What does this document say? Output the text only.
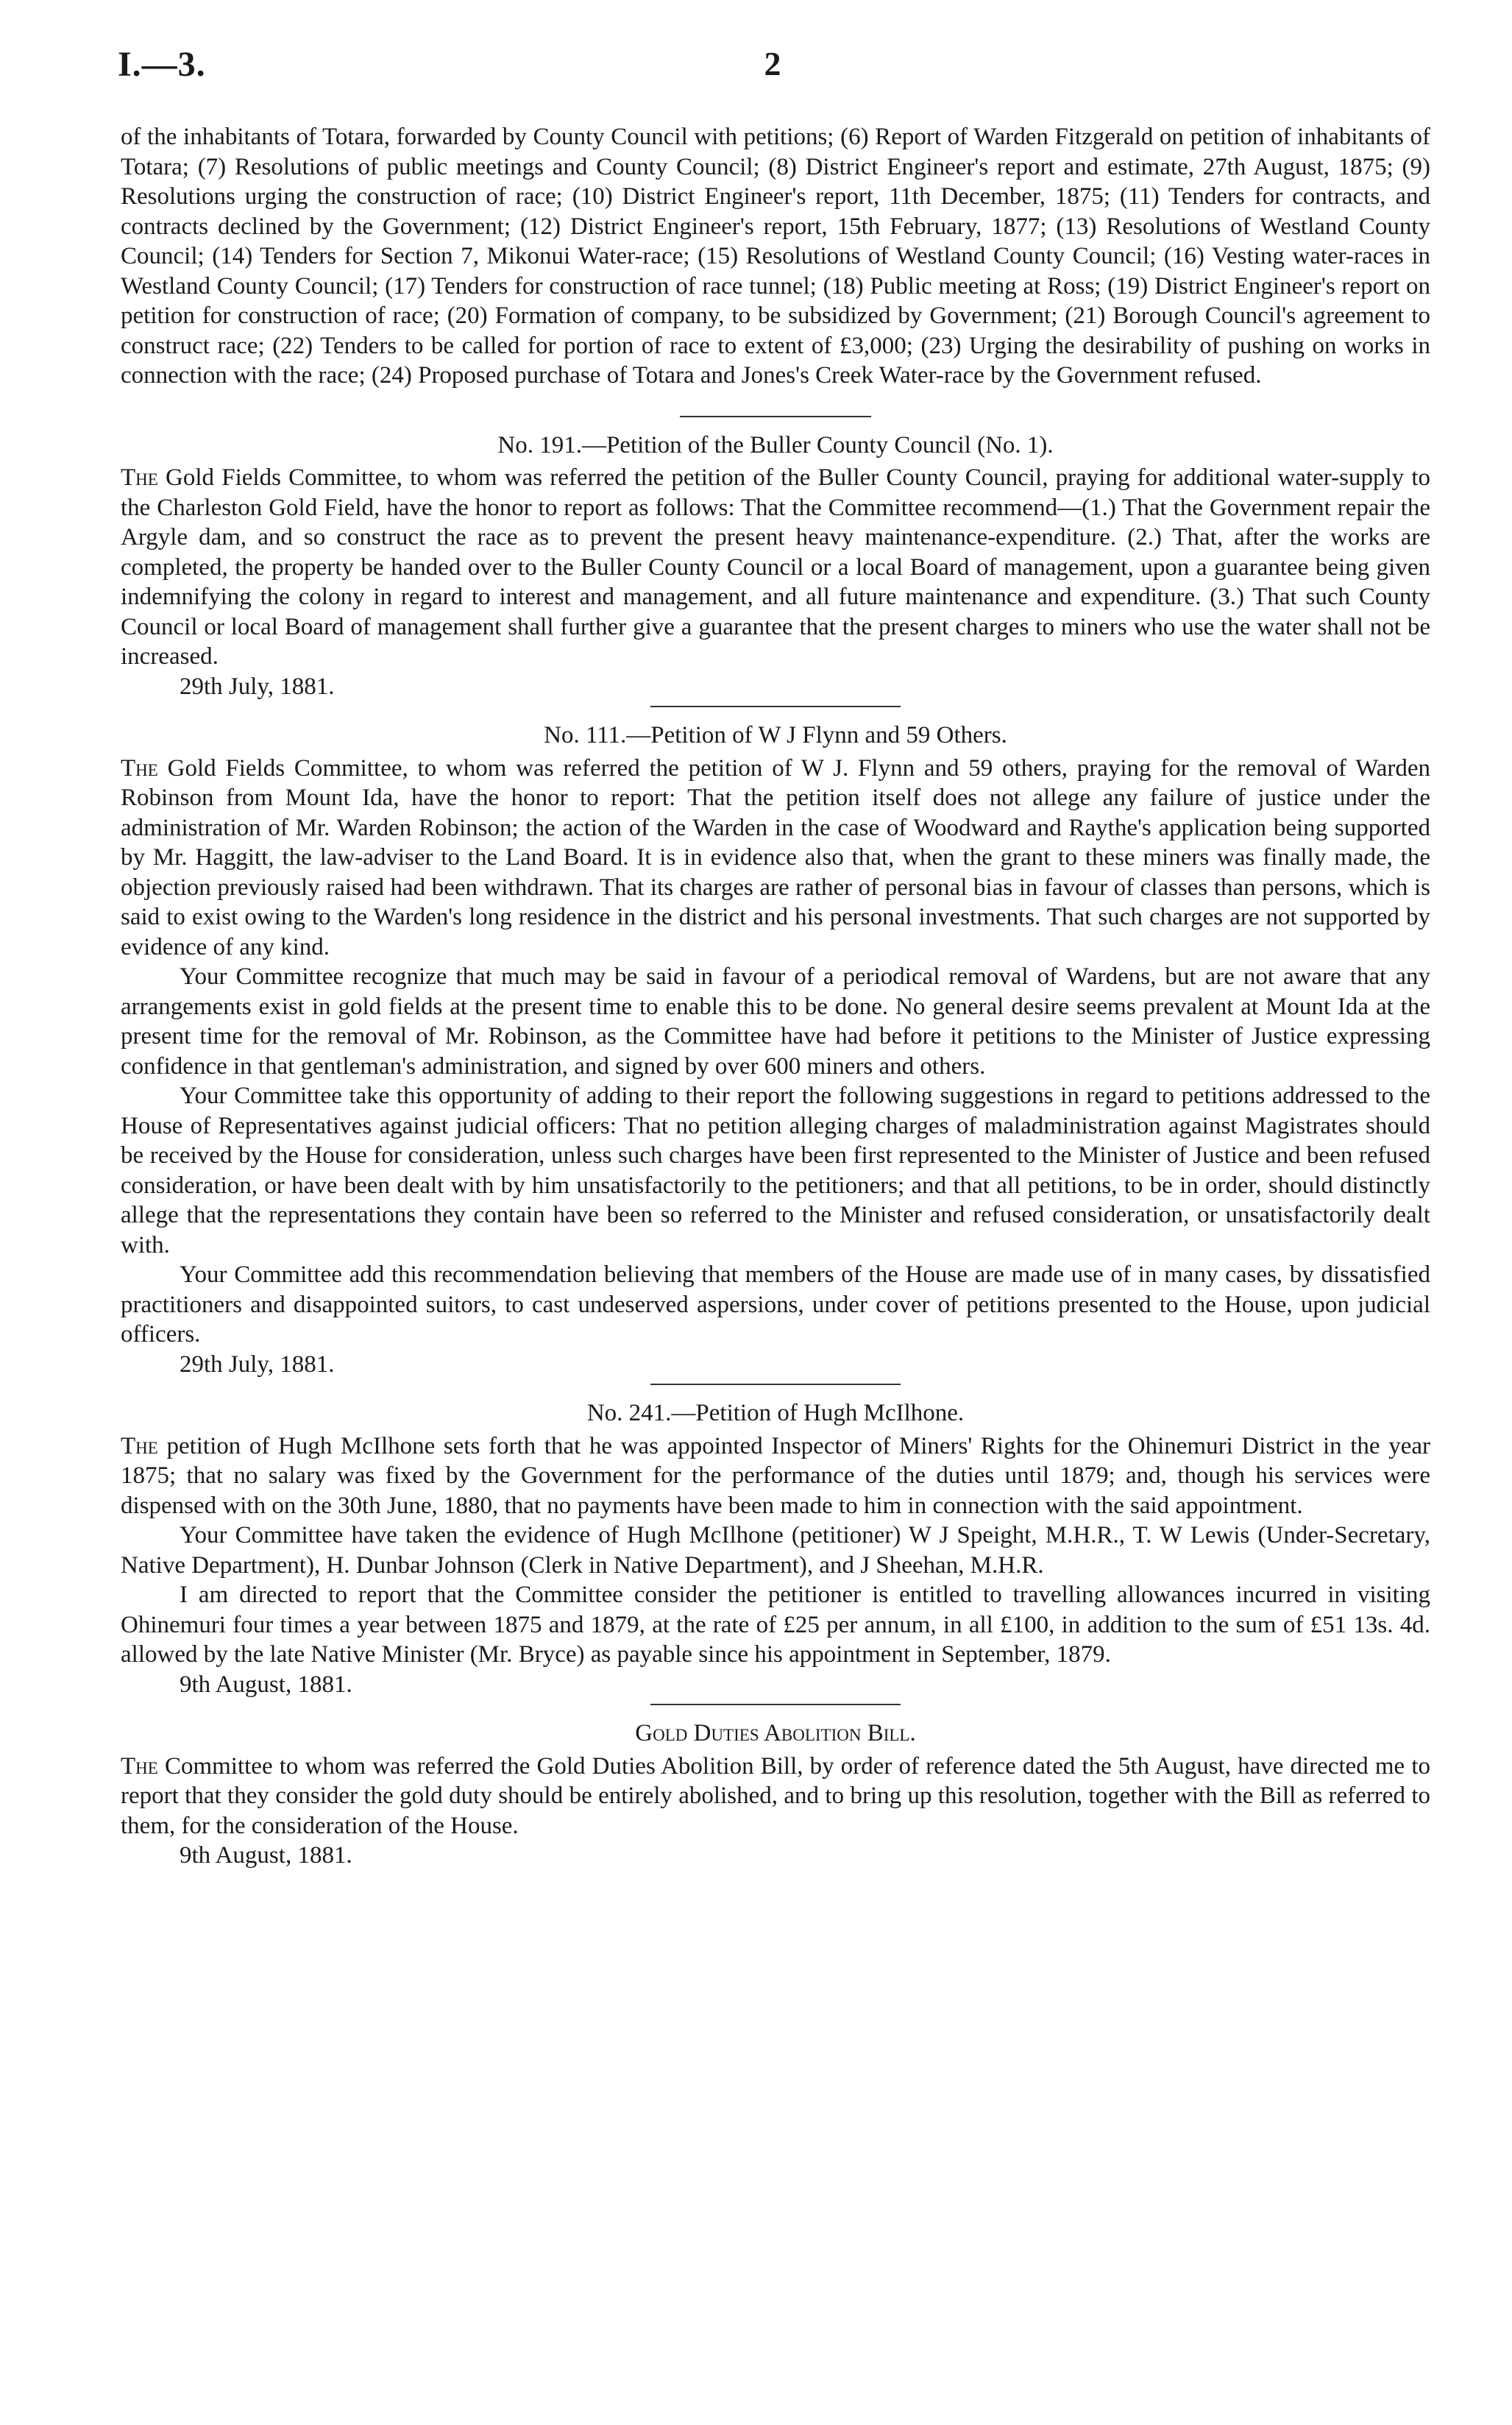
I.—3.	2

of the inhabitants of Totara, forwarded by County Council with petitions; (6) Report of Warden Fitzgerald on petition of inhabitants of Totara; (7) Resolutions of public meetings and County Council; (8) District Engineer's report and estimate, 27th August, 1875; (9) Resolutions urging the construction of race; (10) District Engineer's report, 11th December, 1875; (11) Tenders for contracts, and contracts declined by the Government; (12) District Engineer's report, 15th February, 1877; (13) Resolutions of Westland County Council; (14) Tenders for Section 7, Mikonui Water-race; (15) Resolutions of Westland County Council; (16) Vesting water-races in Westland County Council; (17) Tenders for construction of race tunnel; (18) Public meeting at Ross; (19) District Engineer's report on petition for construction of race; (20) Formation of company, to be subsidized by Government; (21) Borough Council's agreement to construct race; (22) Tenders to be called for portion of race to extent of £3,000; (23) Urging the desirability of pushing on works in connection with the race; (24) Proposed purchase of Totara and Jones's Creek Water-race by the Government refused.

No. 191.—Petition of the Buller County Council (No. 1).

The Gold Fields Committee, to whom was referred the petition of the Buller County Council, praying for additional water-supply to the Charleston Gold Field, have the honor to report as follows: That the Committee recommend—(1.) That the Government repair the Argyle dam, and so construct the race as to prevent the present heavy maintenance-expenditure. (2.) That, after the works are completed, the property be handed over to the Buller County Council or a local Board of management, upon a guarantee being given indemnifying the colony in regard to interest and management, and all future maintenance and expenditure. (3.) That such County Council or local Board of management shall further give a guarantee that the present charges to miners who use the water shall not be increased.

29th July, 1881.

No. 111.—Petition of W J Flynn and 59 Others.

The Gold Fields Committee, to whom was referred the petition of W J. Flynn and 59 others, praying for the removal of Warden Robinson from Mount Ida, have the honor to report: That the petition itself does not allege any failure of justice under the administration of Mr. Warden Robinson; the action of the Warden in the case of Woodward and Raythe's application being supported by Mr. Haggitt, the law-adviser to the Land Board. It is in evidence also that, when the grant to these miners was finally made, the objection previously raised had been withdrawn. That its charges are rather of personal bias in favour of classes than persons, which is said to exist owing to the Warden's long residence in the district and his personal investments. That such charges are not supported by evidence of any kind.

Your Committee recognize that much may be said in favour of a periodical removal of Wardens, but are not aware that any arrangements exist in gold fields at the present time to enable this to be done. No general desire seems prevalent at Mount Ida at the present time for the removal of Mr. Robinson, as the Committee have had before it petitions to the Minister of Justice expressing confidence in that gentleman's administration, and signed by over 600 miners and others.

Your Committee take this opportunity of adding to their report the following suggestions in regard to petitions addressed to the House of Representatives against judicial officers: That no petition alleging charges of maladministration against Magistrates should be received by the House for consideration, unless such charges have been first represented to the Minister of Justice and been refused consideration, or have been dealt with by him unsatisfactorily to the petitioners; and that all petitions, to be in order, should distinctly allege that the representations they contain have been so referred to the Minister and refused consideration, or unsatisfactorily dealt with.

Your Committee add this recommendation believing that members of the House are made use of in many cases, by dissatisfied practitioners and disappointed suitors, to cast undeserved aspersions, under cover of petitions presented to the House, upon judicial officers.

29th July, 1881.

No. 241.—Petition of Hugh McIlhone.

The petition of Hugh McIlhone sets forth that he was appointed Inspector of Miners' Rights for the Ohinemuri District in the year 1875; that no salary was fixed by the Government for the performance of the duties until 1879; and, though his services were dispensed with on the 30th June, 1880, that no payments have been made to him in connection with the said appointment.

Your Committee have taken the evidence of Hugh McIlhone (petitioner) W J Speight, M.H.R., T. W Lewis (Under-Secretary, Native Department), H. Dunbar Johnson (Clerk in Native Department), and J Sheehan, M.H.R.

I am directed to report that the Committee consider the petitioner is entitled to travelling allowances incurred in visiting Ohinemuri four times a year between 1875 and 1879, at the rate of £25 per annum, in all £100, in addition to the sum of £51 13s. 4d. allowed by the late Native Minister (Mr. Bryce) as payable since his appointment in September, 1879.

9th August, 1881.

Gold Duties Abolition Bill.

The Committee to whom was referred the Gold Duties Abolition Bill, by order of reference dated the 5th August, have directed me to report that they consider the gold duty should be entirely abolished, and to bring up this resolution, together with the Bill as referred to them, for the consideration of the House.

9th August, 1881.
